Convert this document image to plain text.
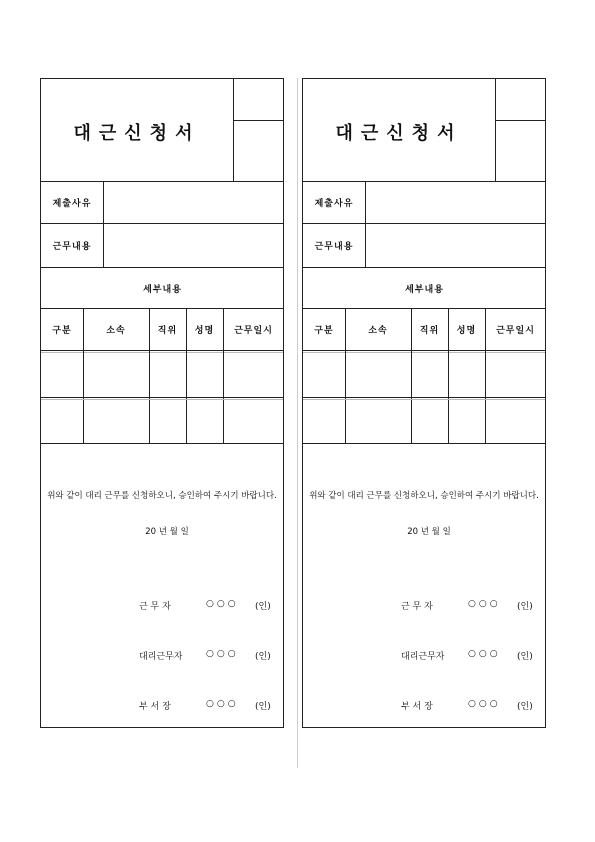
대근신청서
제출사유
근무내용
세부내용
구분	소속	직위	성명	근무일시
위와 같이 대리 근무를 신청하오니, 승인하여 주시기 바랍니다.
20 년 월 일
근 무 자	○○○ (인)
대리근무자	○○○ (인)
부 서 장	○○○ (인)
대근신청서
제출사유
근무내용
세부내용
구분	소속	직위	성명	근무일시
위와 같이 대리 근무를 신청하오니, 승인하여 주시기 바랍니다.
20 년 월 일
근 무 자	○○○ (인)
대리근무자	○○○ (인)
부 서 장	○○○ (인)
